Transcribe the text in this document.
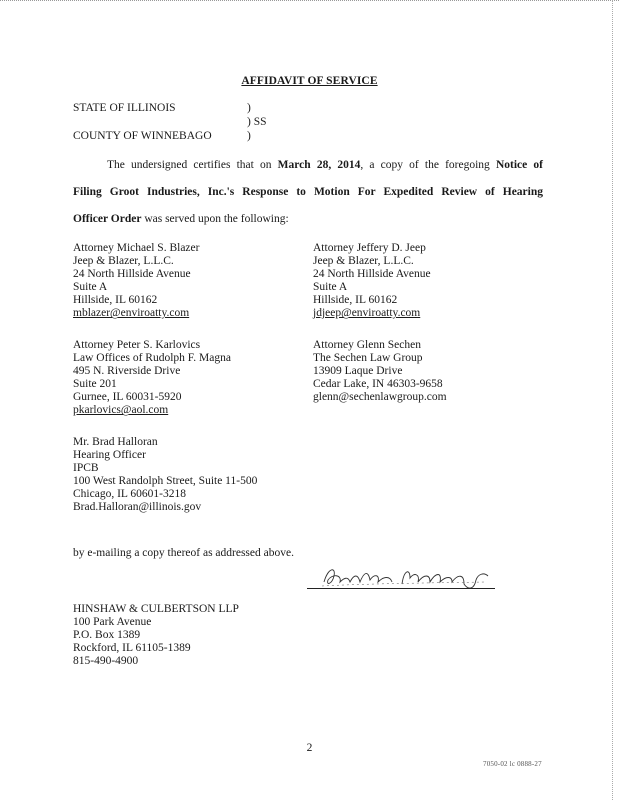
AFFIDAVIT OF SERVICE
STATE OF ILLINOIS	)
) SS
COUNTY OF WINNEBAGO	)
The undersigned certifies that on March 28, 2014, a copy of the foregoing Notice of
Filing Groot Industries, Inc.'s Response to Motion For Expedited Review of Hearing
Officer Order was served upon the following:
Attorney Michael S. Blazer
Jeep & Blazer, L.L.C.
24 North Hillside Avenue
Suite A
Hillside, IL 60162
mblazer@enviroatty.com
Attorney Jeffery D. Jeep
Jeep & Blazer, L.L.C.
24 North Hillside Avenue
Suite A
Hillside, IL 60162
jdjeep@enviroatty.com
Attorney Peter S. Karlovics
Law Offices of Rudolph F. Magna
495 N. Riverside Drive
Suite 201
Gurnee, IL 60031-5920
pkarlovics@aol.com
Attorney Glenn Sechen
The Sechen Law Group
13909 Laque Drive
Cedar Lake, IN 46303-9658
glenn@sechenlawgroup.com
Mr. Brad Halloran
Hearing Officer
IPCB
100 West Randolph Street, Suite 11-500
Chicago, IL 60601-3218
Brad.Halloran@illinois.gov
by e-mailing a copy thereof as addressed above.
HINSHAW & CULBERTSON LLP
100 Park Avenue
P.O. Box 1389
Rockford, IL 61105-1389
815-490-4900
2
7050-02 lc 0888-27
